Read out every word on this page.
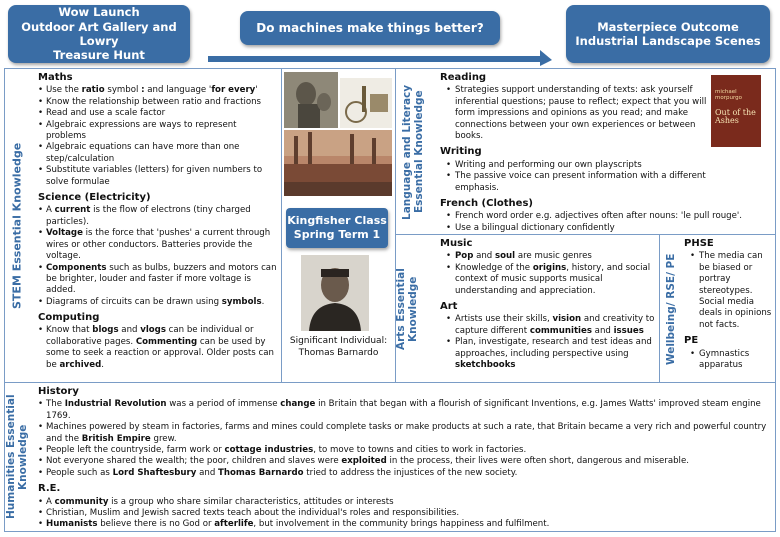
Wow Launch
Outdoor Art Gallery and Lowry
Treasure Hunt
Do machines make things better?	Masterpiece Outcome
Industrial Landscape Scenes
STEM Essential Knowledge	Language and Literacy Essential Knowledge
Arts Essential Knowledge	Wellbeing/ RSE/ PE
Humanities Essential Knowledge
Maths
• Use the ratio symbol : and language 'for every'
• Know the relationship between ratio and fractions
• Read and use a scale factor
• Algebraic expressions are ways to represent problems
• Algebraic equations can have more than one step/calculation
• Substitute variables (letters) for given numbers to solve formulae
Science (Electricity)
• A current is the flow of electrons (tiny charged particles).
• Voltage is the force that 'pushes' a current through wires or other conductors. Batteries provide the voltage.
• Components such as bulbs, buzzers and motors can be brighter, louder and faster if more voltage is added.
• Diagrams of circuits can be drawn using symbols.
Computing
• Know that blogs and vlogs can be individual or collaborative pages. Commenting can be used by some to seek a reaction or approval. Older posts can be archived.
Kingfisher Class
Spring Term 1
Significant Individual:
Thomas Barnardo
Reading
• Strategies support understanding of texts: ask yourself inferential questions; pause to reflect; expect that you will form impressions and opinions as you read; and make connections between your own experiences or between books.
Writing
• Writing and performing our own playscripts
• The passive voice can present information with a different emphasis.
French (Clothes)
• French word order e.g. adjectives often after nouns: 'le pull rouge'.
• Use a bilingual dictionary confidently
michael morpurgo
Out of the Ashes
Music
• Pop and soul are music genres
• Knowledge of the origins, history, and social context of music supports musical understanding and appreciation.
Art
• Artists use their skills, vision and creativity to capture different communities and issues
• Plan, investigate, research and test ideas and approaches, including perspective using sketchbooks
PHSE
• The media can be biased or portray stereotypes. Social media deals in opinions not facts.
PE
• Gymnastics apparatus
History
• The Industrial Revolution was a period of immense change in Britain that began with a flourish of significant Inventions, e.g. James Watts' improved steam engine 1769.
• Machines powered by steam in factories, farms and mines could complete tasks or make products at such a rate, that Britain became a very rich and powerful country and the British Empire grew.
• People left the countryside, farm work or cottage industries, to move to towns and cities to work in factories.
• Not everyone shared the wealth; the poor, children and slaves were exploited in the process, their lives were often short, dangerous and miserable.
• People such as Lord Shaftesbury and Thomas Barnardo tried to address the injustices of the new society.
R.E.
• A community is a group who share similar characteristics, attitudes or interests
• Christian, Muslim and Jewish sacred texts teach about the individual's roles and responsibilities.
• Humanists believe there is no God or afterlife, but involvement in the community brings happiness and fulfilment.
